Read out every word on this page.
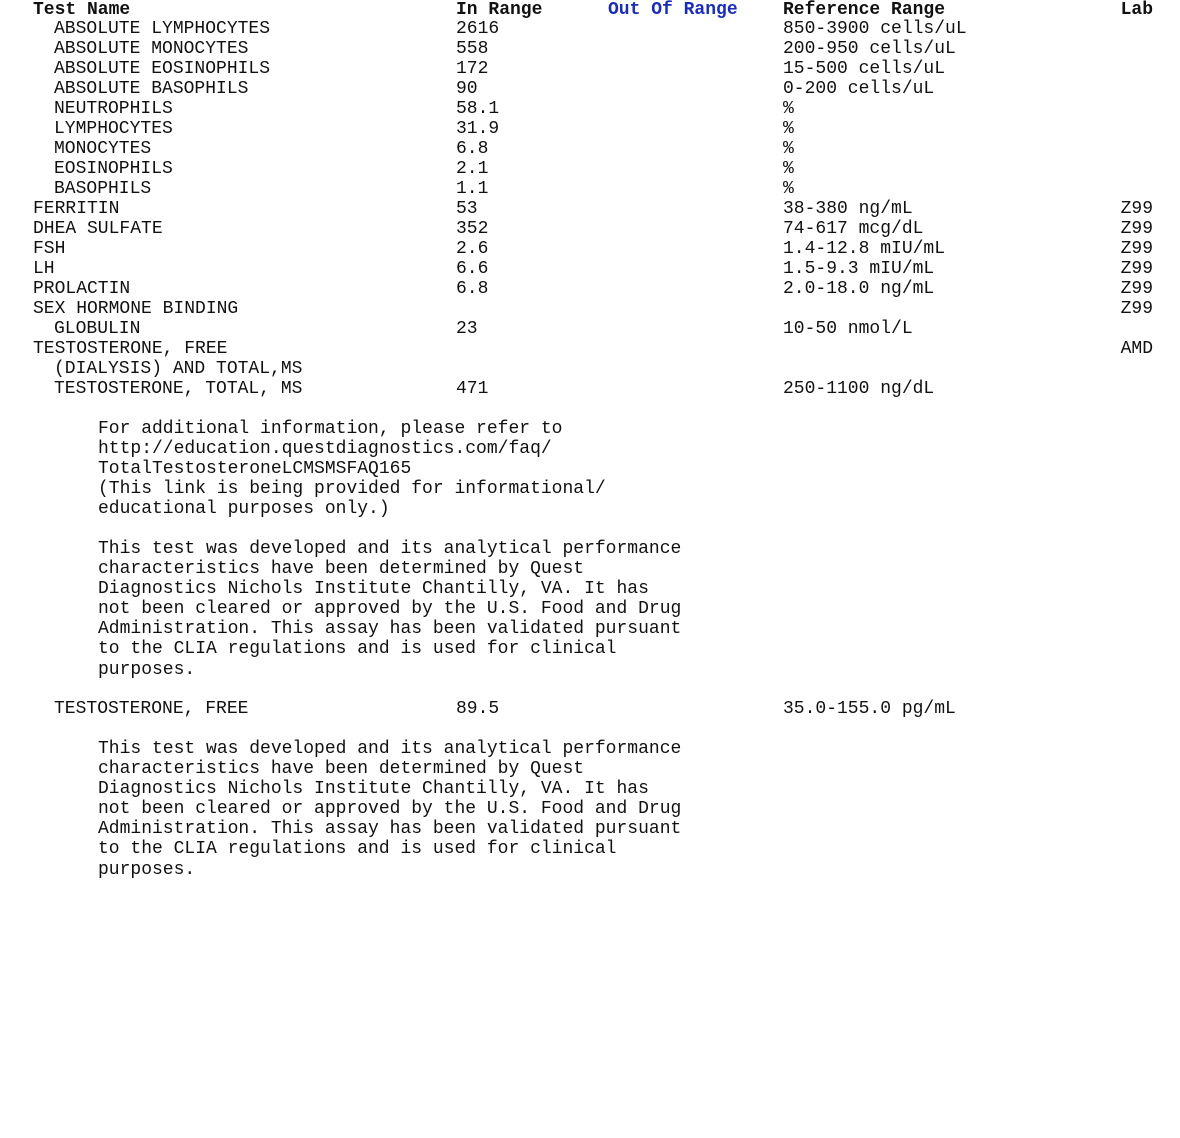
Test Name	In Range	Out Of Range	Reference Range	Lab
ABSOLUTE LYMPHOCYTES	2616	850-3900 cells/uL
ABSOLUTE MONOCYTES	558	200-950 cells/uL
ABSOLUTE EOSINOPHILS	172	15-500 cells/uL
ABSOLUTE BASOPHILS	90	0-200 cells/uL
NEUTROPHILS	58.1	%
LYMPHOCYTES	31.9	%
MONOCYTES	6.8	%
EOSINOPHILS	2.1	%
BASOPHILS	1.1	%
FERRITIN	53	38-380 ng/mL	Z99
DHEA SULFATE	352	74-617 mcg/dL	Z99
FSH	2.6	1.4-12.8 mIU/mL	Z99
LH	6.6	1.5-9.3 mIU/mL	Z99
PROLACTIN	6.8	2.0-18.0 ng/mL	Z99
SEX HORMONE BINDING	Z99
GLOBULIN	23	10-50 nmol/L
TESTOSTERONE, FREE	AMD
(DIALYSIS) AND TOTAL,MS
TESTOSTERONE, TOTAL, MS	471	250-1100 ng/dL
For additional information, please refer to
http://education.questdiagnostics.com/faq/
TotalTestosteroneLCMSMSFAQ165
(This link is being provided for informational/
educational purposes only.)
This test was developed and its analytical performance
characteristics have been determined by Quest
Diagnostics Nichols Institute Chantilly, VA. It has
not been cleared or approved by the U.S. Food and Drug
Administration. This assay has been validated pursuant
to the CLIA regulations and is used for clinical
purposes.
TESTOSTERONE, FREE	89.5	35.0-155.0 pg/mL
This test was developed and its analytical performance
characteristics have been determined by Quest
Diagnostics Nichols Institute Chantilly, VA. It has
not been cleared or approved by the U.S. Food and Drug
Administration. This assay has been validated pursuant
to the CLIA regulations and is used for clinical
purposes.
